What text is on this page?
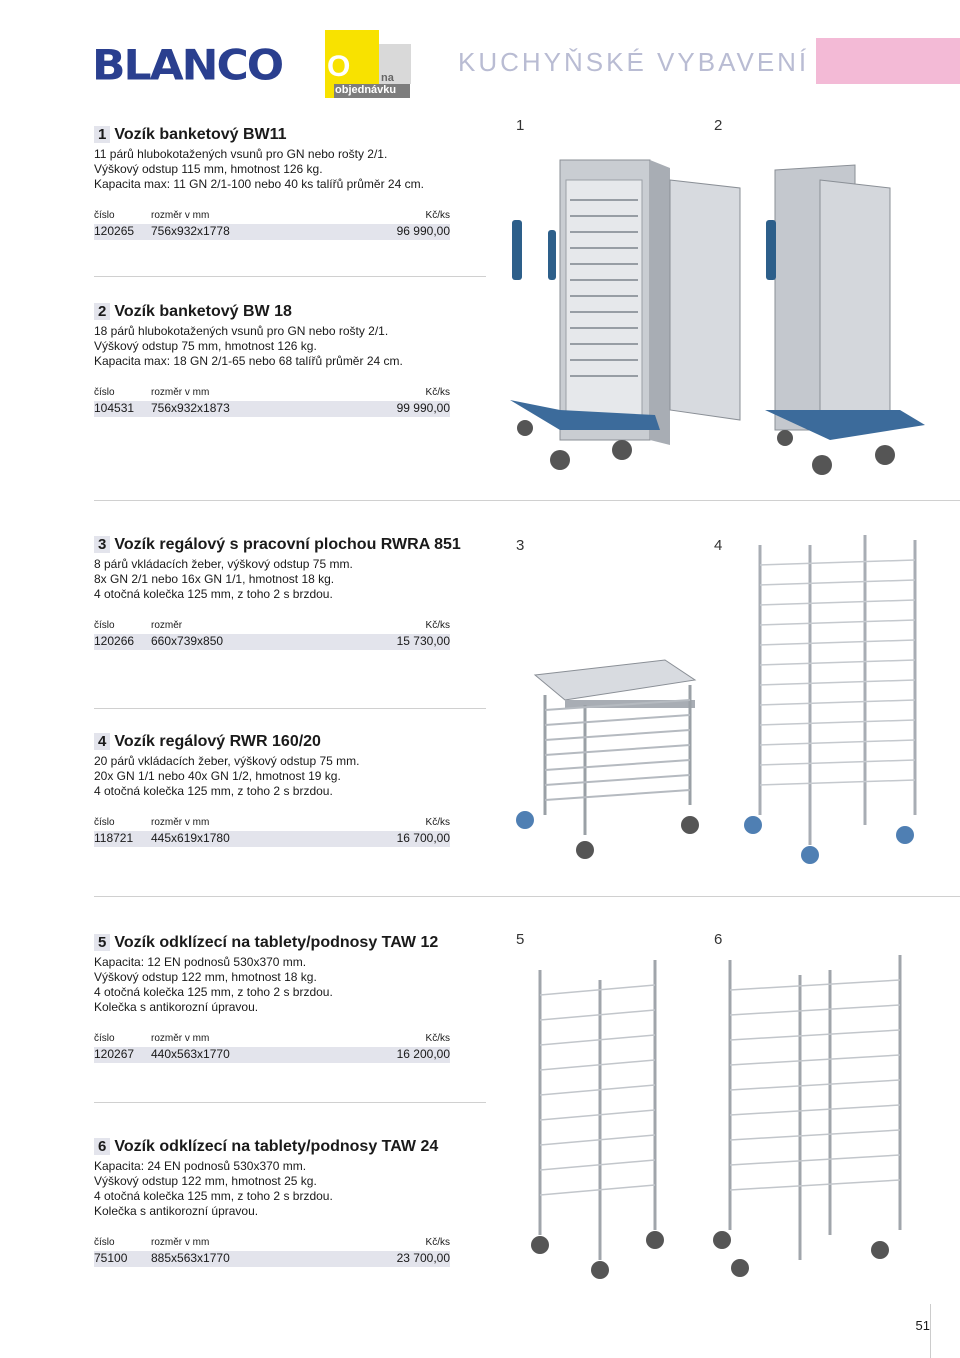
BLANCO O	na
objednávku
KUCHYŇSKÉ VYBAVENÍ
1 Vozík banketový BW11
11 párů hlubokotažených vsunů pro GN nebo rošty 2/1.
Výškový odstup 115 mm, hmotnost 126 kg.
Kapacita max: 11 GN 2/1-100 nebo 40 ks talířů průměr 24 cm.
číslo	rozměr v mm	Kč/ks
120265 756x932x1778	96 990,00
2 Vozík banketový BW 18
18 párů hlubokotažených vsunů pro GN nebo rošty 2/1.
Výškový odstup 75 mm, hmotnost 126 kg.
Kapacita max: 18 GN 2/1-65 nebo 68 talířů průměr 24 cm.
číslo	rozměr v mm	Kč/ks
104531 756x932x1873	99 990,00
3 Vozík regálový s pracovní plochou RWRA 851
8 párů vkládacích žeber, výškový odstup 75 mm.
8x GN 2/1 nebo 16x GN 1/1, hmotnost 18 kg.
4 otočná kolečka 125 mm, z toho 2 s brzdou.
číslo	rozměr	Kč/ks
120266 660x739x850	15 730,00
4 Vozík regálový RWR 160/20
20 párů vkládacích žeber, výškový odstup 75 mm.
20x GN 1/1 nebo 40x GN 1/2, hmotnost 19 kg.
4 otočná kolečka 125 mm, z toho 2 s brzdou.
číslo	rozměr v mm	Kč/ks
118721 445x619x1780	16 700,00
5 Vozík odklízecí na tablety/podnosy TAW 12
Kapacita: 12 EN podnosů 530x370 mm.
Výškový odstup 122 mm, hmotnost 18 kg.
4 otočná kolečka 125 mm, z toho 2 s brzdou.
Kolečka s antikorozní úpravou.
číslo	rozměr v mm	Kč/ks
120267 440x563x1770	16 200,00
6 Vozík odklízecí na tablety/podnosy TAW 24
Kapacita: 24 EN podnosů 530x370 mm.
Výškový odstup 122 mm, hmotnost 25 kg.
4 otočná kolečka 125 mm, z toho 2 s brzdou.
Kolečka s antikorozní úpravou.
číslo	rozměr v mm	Kč/ks
75100 885x563x1770	23 700,00
1	2
3	4
5	6
51
